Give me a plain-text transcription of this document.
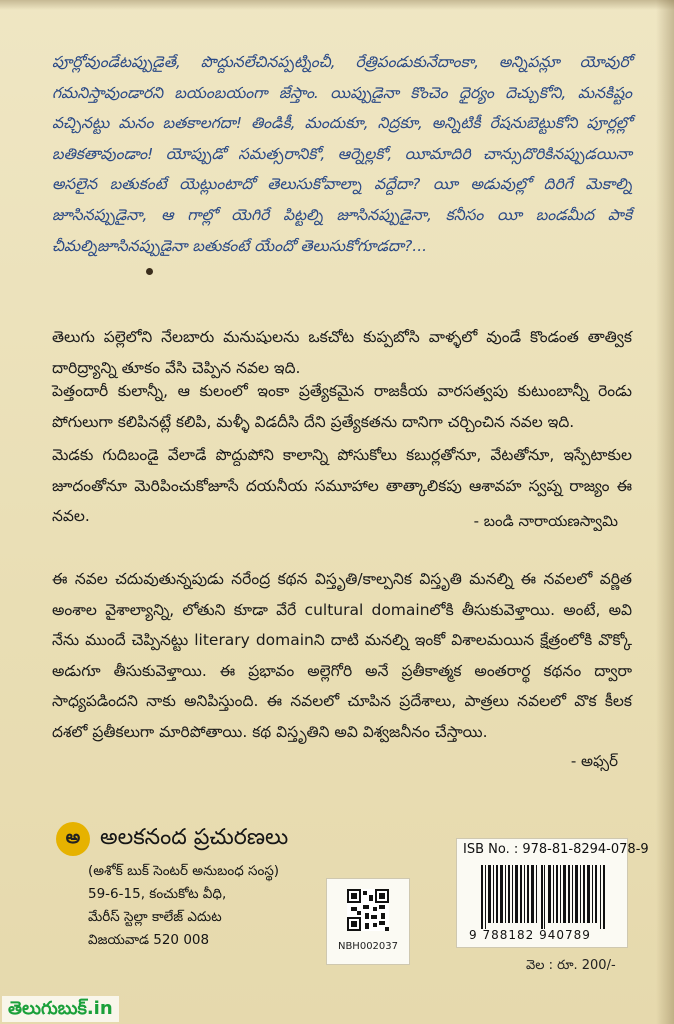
పూర్లోవుండేటప్పుడైతే, పొద్దునలేచినప్పట్నించీ, రేత్రిపండుకునేదాంకా, అన్నిపన్లూ యోవురో గమనిస్తావుండారని బయంబయంగా జేస్తాం. యిప్పుడైనా కొంచెం ధైర్యం దెచ్చుకోని, మనకిష్టం వచ్చినట్టు మనం బతకాలగదా! తిండికీ, మందుకూ, నిద్రకూ, అన్నిటికీ రేషనుబెట్టుకోని పూర్లల్లో బతికతావుండాం! యోప్పుడో సమత్సరానికో, ఆర్నెల్లకో, యీమాదిరి చాన్సుదొరికినప్పుడయినా అసలైన బతుకంటే యెట్లుంటాదో తెలుసుకోవాల్నా వద్దేదా? యీ అడువుల్లో దిరిగే మెకాల్ని జూసినప్పుడైనా, ఆ గాల్లో యెగిరే పిట్టల్ని జూసినప్పుడైనా, కనీసం యీ బండమీద పాకే చీమల్నిజూసినప్పుడైనా బతుకంటే యేందో తెలుసుకోగూడదా?...

తెలుగు పల్లెలోని నేలబారు మనుషులను ఒకచోట కుప్పబోసి వాళ్ళలో వుండే కొండంత తాత్విక దారిద్ర్యాన్ని తూకం వేసి చెప్పిన నవల ఇది.

పెత్తందారీ కులాన్నీ, ఆ కులంలో ఇంకా ప్రత్యేకమైన రాజకీయ వారసత్వపు కుటుంబాన్నీ రెండు పోగులుగా కలిపినట్లే కలిపి, మళ్ళీ విడదీసి దేని ప్రత్యేకతను దానిగా చర్చించిన నవల ఇది.

మెడకు గుదిబండై వేలాడే పొద్దుపోని కాలాన్ని పోసుకోలు కబుర్లతోనూ, వేటతోనూ, ఇస్పేటాకుల జూదంతోనూ మెరిపించుకోజూసే దయనీయ సమూహాల తాత్కాలికపు ఆశావహ స్వప్న రాజ్యం ఈ నవల.	- బండి నారాయణస్వామి

ఈ నవల చదువుతున్నపుడు నరేంద్ర కథన విస్తృతి/కాల్పనిక విస్తృతి మనల్ని ఈ నవలలో వర్ణిత అంశాల వైశాల్యాన్ని, లోతుని కూడా వేరే cultural domainలోకి తీసుకువెళ్తాయి. అంటే, అవి నేను ముందే చెప్పినట్టు literary domainని దాటి మనల్ని ఇంకో విశాలమయిన క్షేత్రంలోకి వొక్కో అడుగూ తీసుకువెళ్తాయి. ఈ ప్రభావం అల్లెగోరి అనే ప్రతీకాత్మక అంతరార్థ కథనం ద్వారా సాధ్యపడిందని నాకు అనిపిస్తుంది. ఈ నవలలో చూపిన ప్రదేశాలు, పాత్రలు నవలలో వొక కీలక దశలో ప్రతీకలుగా మారిపోతాయి. కథ విస్తృతిని అవి విశ్వజనీనం చేస్తాయి.

- అఫ్సర్
అ అలకనంద ప్రచురణలు
(అశోక్ బుక్ సెంటర్ అనుబంధ సంస్థ)
59-6-15, కంచుకోట వీధి,
మేరీస్ స్టెల్లా కాలేజ్ ఎదుట
విజయవాడ 520 008	NBH002037
ISB No. : 978-81-8294-078-9
9 788182 940789
వెల : రూ. 200/-
తెలుగుబుక్.in
